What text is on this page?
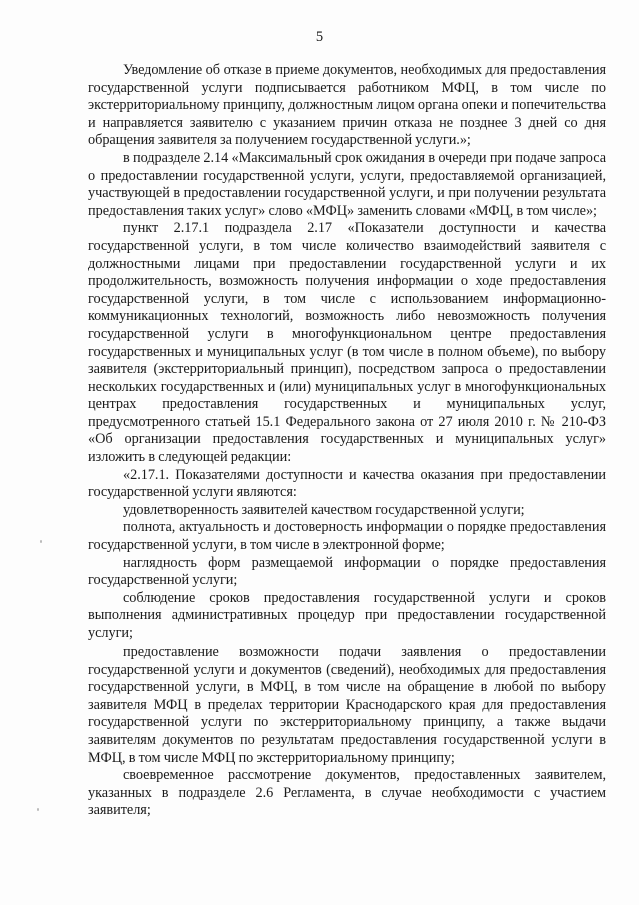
5

Уведомление об отказе в приеме документов, необходимых для предоставления государственной услуги подписывается работником МФЦ, в том числе по экстерриториальному принципу, должностным лицом органа опеки и попечительства и направляется заявителю с указанием причин отказа не позднее 3 дней со дня обращения заявителя за получением государственной услуги.»;

в подразделе 2.14 «Максимальный срок ожидания в очереди при подаче запроса о предоставлении государственной услуги, услуги, предоставляемой организацией, участвующей в предоставлении государственной услуги, и при получении результата предоставления таких услуг» слово «МФЦ» заменить словами «МФЦ, в том числе»;

пункт 2.17.1 подраздела 2.17 «Показатели доступности и качества государственной услуги, в том числе количество взаимодействий заявителя с должностными лицами при предоставлении государственной услуги и их продолжительность, возможность получения информации о ходе предоставления государственной услуги, в том числе с использованием информационно-коммуникационных технологий, возможность либо невозможность получения государственной услуги в многофункциональном центре предоставления государственных и муниципальных услуг (в том числе в полном объеме), по выбору заявителя (экстерриториальный принцип), посредством запроса о предоставлении нескольких государственных и (или) муниципальных услуг в многофункциональных центрах предоставления государственных и муниципальных услуг, предусмотренного статьей 15.1 Федерального закона от 27 июля 2010 г. № 210-ФЗ «Об организации предоставления государственных и муниципальных услуг» изложить в следующей редакции:

«2.17.1. Показателями доступности и качества оказания при предоставлении государственной услуги являются:

удовлетворенность заявителей качеством государственной услуги;

полнота, актуальность и достоверность информации о порядке предоставления государственной услуги, в том числе в электронной форме;

наглядность форм размещаемой информации о порядке предоставления государственной услуги;

соблюдение сроков предоставления государственной услуги и сроков выполнения административных процедур при предоставлении государственной услуги;

предоставление возможности подачи заявления о предоставлении государственной услуги и документов (сведений), необходимых для предоставления государственной услуги, в МФЦ, в том числе на обращение в любой по выбору заявителя МФЦ в пределах территории Краснодарского края для предоставления государственной услуги по экстерриториальному принципу, а также выдачи заявителям документов по результатам предоставления государственной услуги в МФЦ, в том числе МФЦ по экстерриториальному принципу;

своевременное рассмотрение документов, предоставленных заявителем, указанных в подразделе 2.6 Регламента, в случае необходимости с участием заявителя;
